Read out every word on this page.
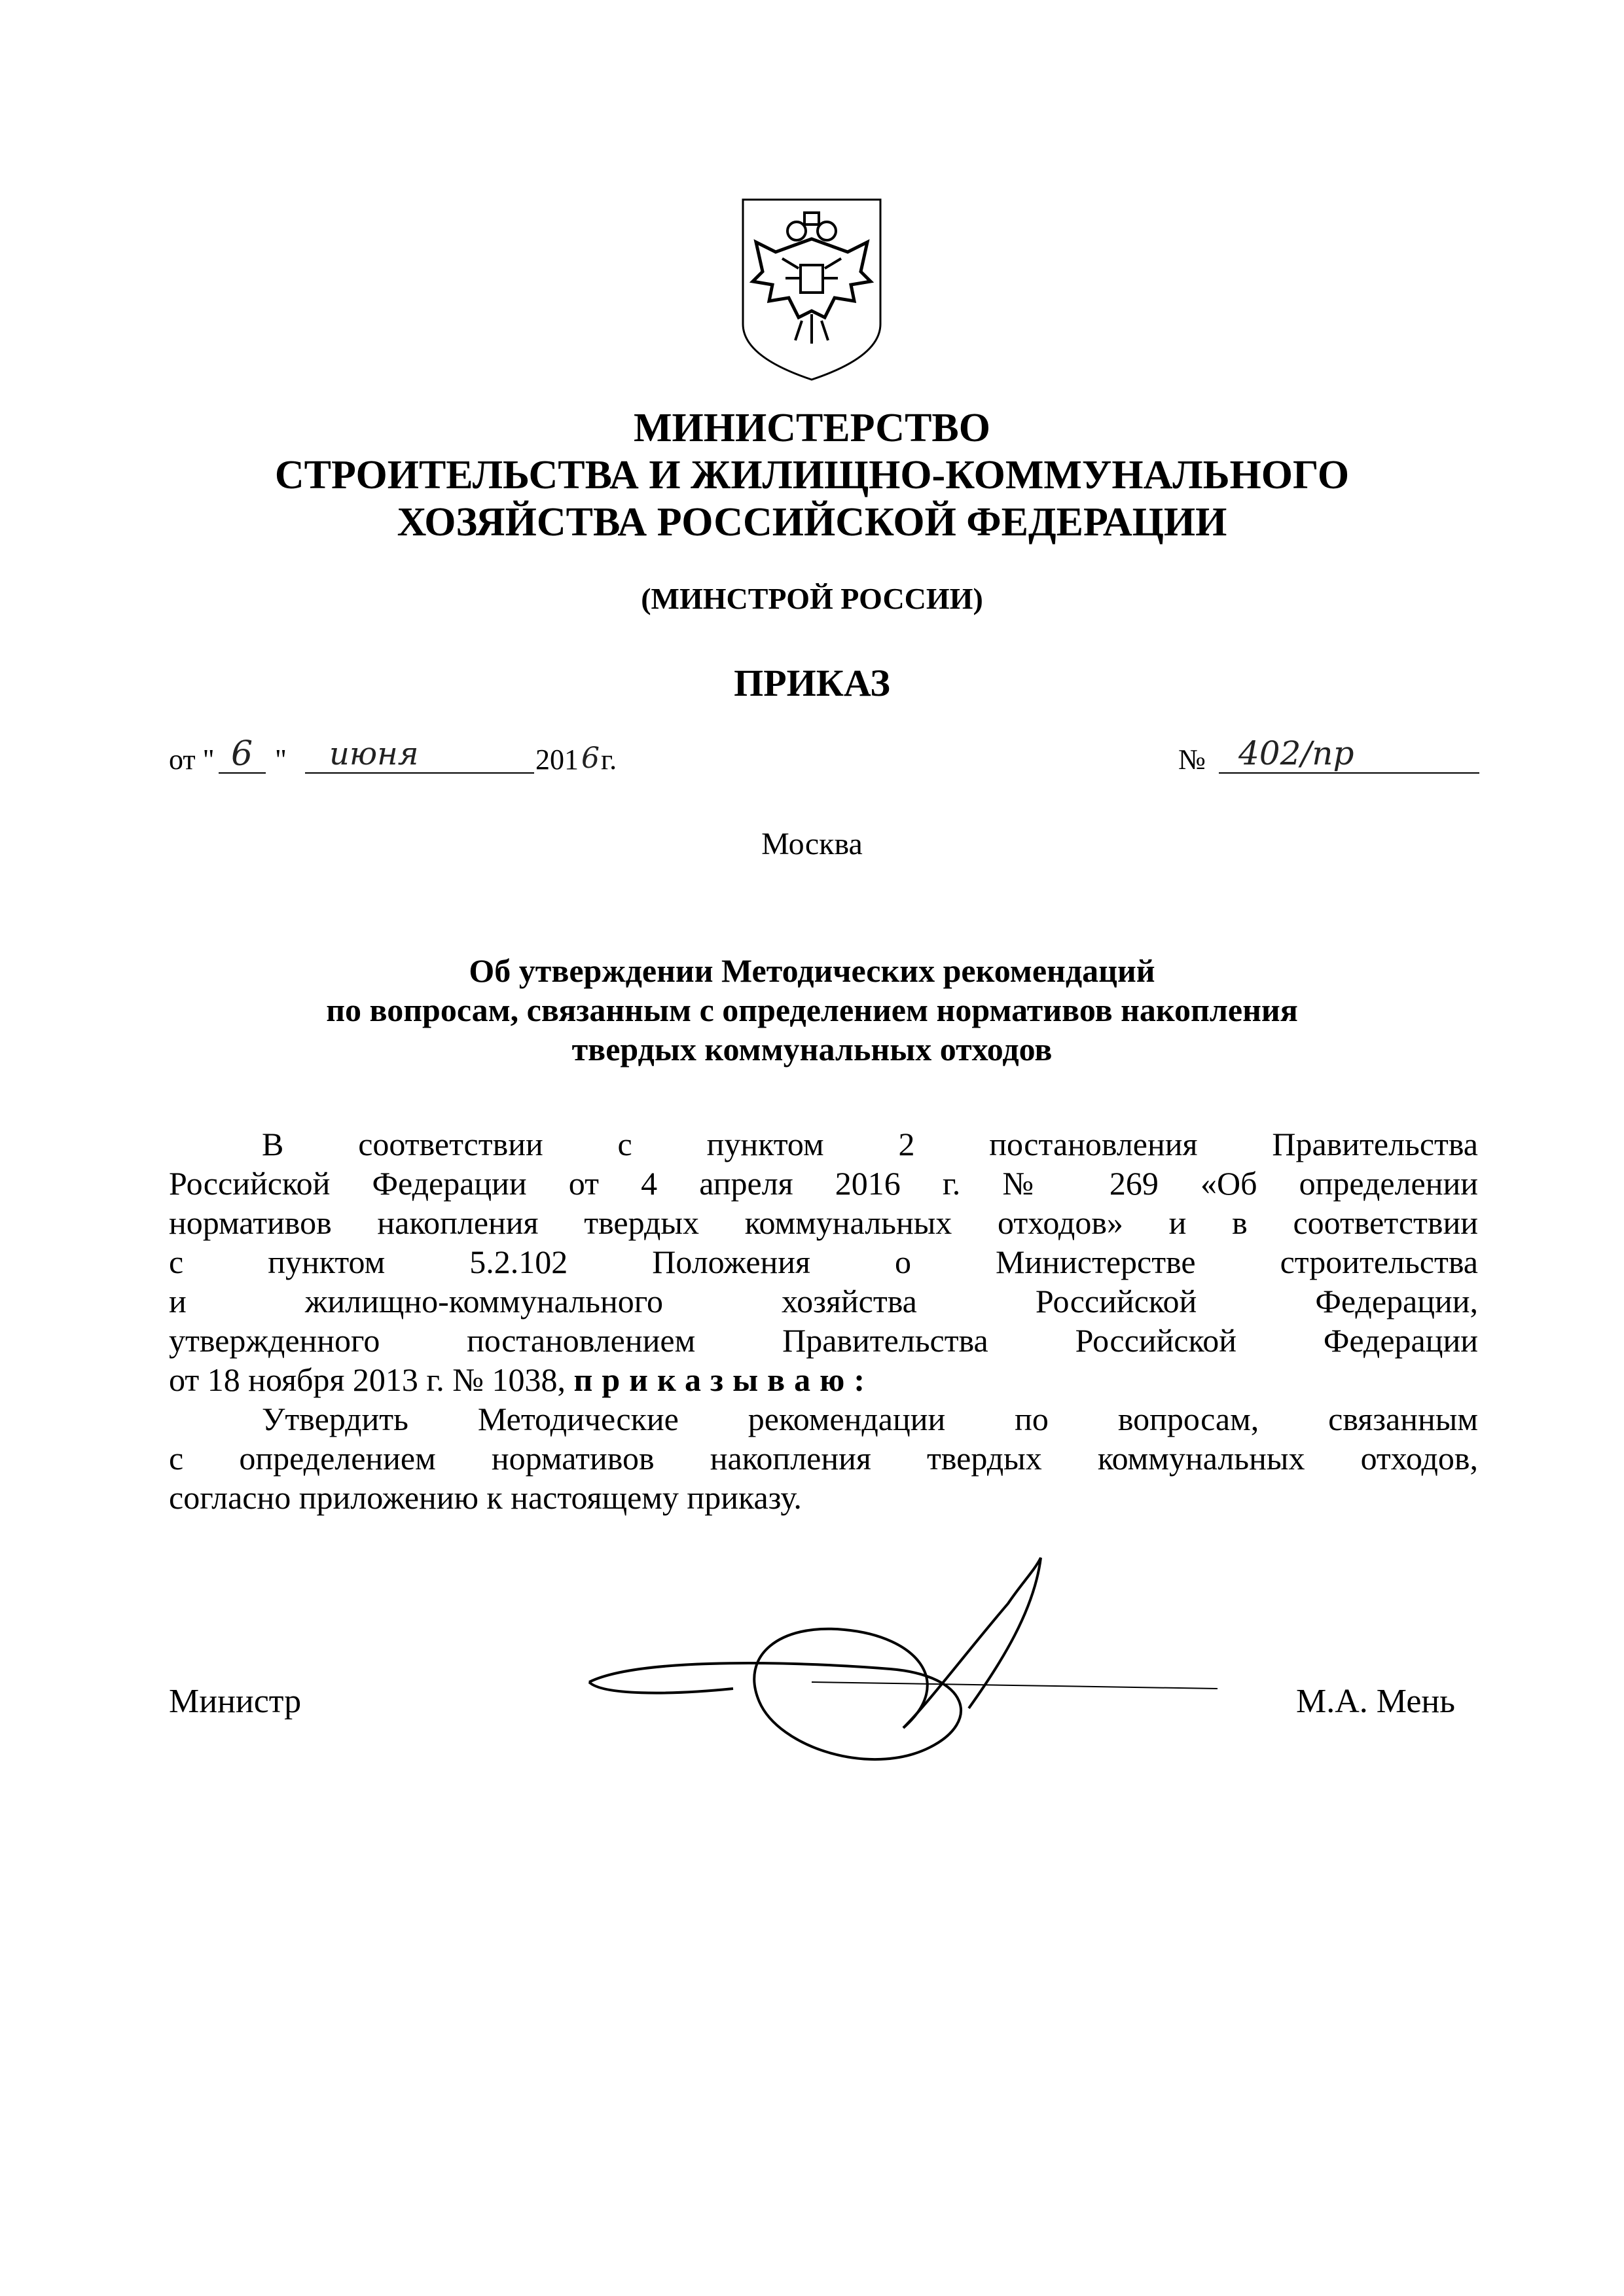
МИНИСТЕРСТВО
СТРОИТЕЛЬСТВА И ЖИЛИЩНО-КОММУНАЛЬНОГО
ХОЗЯЙСТВА РОССИЙСКОЙ ФЕДЕРАЦИИ
(МИНСТРОЙ РОССИИ)
ПРИКАЗ
от " 6 " июня	201 6 г.	№ 402/пр
Москва
Об утверждении Методических рекомендаций
по вопросам, связанным с определением нормативов накопления
твердых коммунальных отходов
В соответствии с пунктом 2 постановления Правительства
Российской Федерации от 4 апреля 2016 г. № 269 «Об определении
нормативов накопления твердых коммунальных отходов» и в соответствии
с пунктом 5.2.102 Положения о Министерстве строительства
и жилищно-коммунального хозяйства Российской Федерации,
утвержденного постановлением Правительства Российской Федерации
от 18 ноября 2013 г. № 1038, приказываю:
Утвердить Методические рекомендации по вопросам, связанным
с определением нормативов накопления твердых коммунальных отходов,
согласно приложению к настоящему приказу.
Министр	М.А. Мень
